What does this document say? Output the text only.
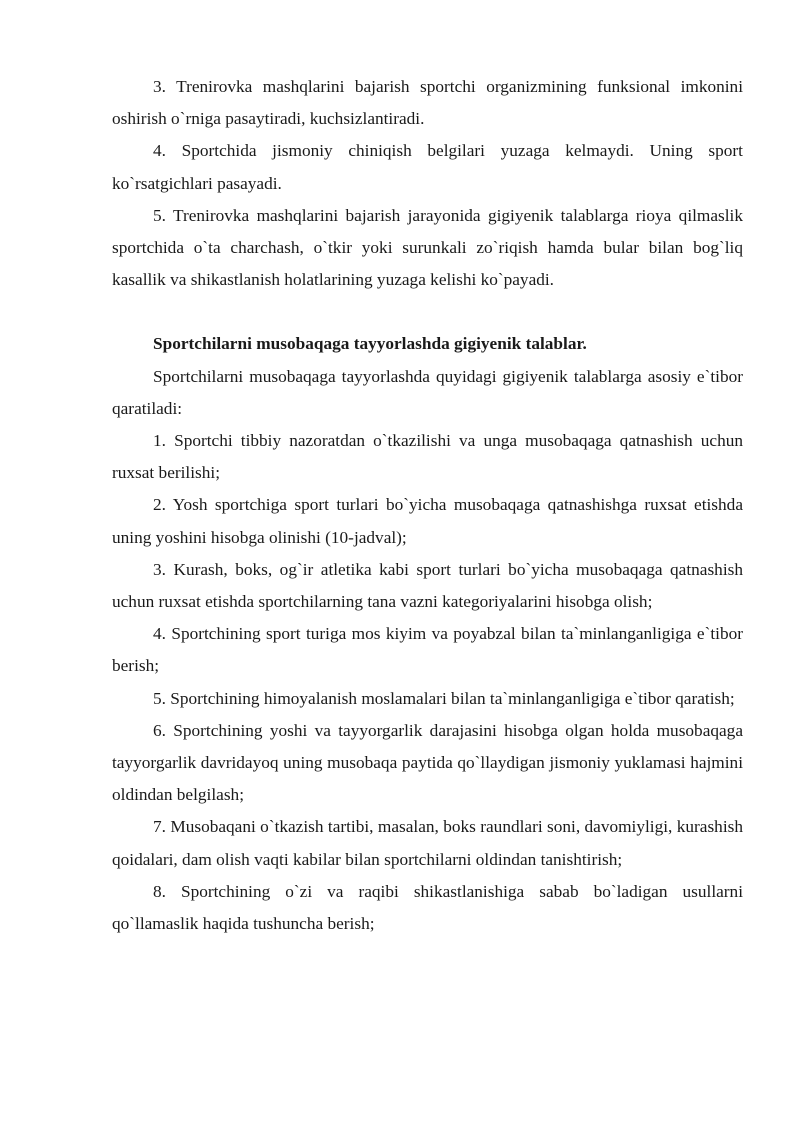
3. Trenirovka mashqlarini bajarish sportchi organizmining funksional imkonini oshirish o`rniga pasaytiradi, kuchsizlantiradi.

4. Sportchida jismoniy chiniqish belgilari yuzaga kelmaydi. Uning sport ko`rsatgichlari pasayadi.

5. Trenirovka mashqlarini bajarish jarayonida gigiyenik talablarga rioya qilmaslik sportchida o`ta charchash, o`tkir yoki surunkali zo`riqish hamda bular bilan bog`liq kasallik va shikastlanish holatlarining yuzaga kelishi ko`payadi.

Sportchilarni musobaqaga tayyorlashda gigiyenik talablar.

Sportchilarni musobaqaga tayyorlashda quyidagi gigiyenik talablarga asosiy e`tibor qaratiladi:

1. Sportchi tibbiy nazoratdan o`tkazilishi va unga musobaqaga qatnashish uchun ruxsat berilishi;

2. Yosh sportchiga sport turlari bo`yicha musobaqaga qatnashishga ruxsat etishda uning yoshini hisobga olinishi (10-jadval);

3. Kurash, boks, og`ir atletika kabi sport turlari bo`yicha musobaqaga qatnashish uchun ruxsat etishda sportchilarning tana vazni kategoriyalarini hisobga olish;

4. Sportchining sport turiga mos kiyim va poyabzal bilan ta`minlanganligiga e`tibor berish;

5. Sportchining himoyalanish moslamalari bilan ta`minlanganligiga e`tibor qaratish;

6. Sportchining yoshi va tayyorgarlik darajasini hisobga olgan holda musobaqaga tayyorgarlik davridayoq uning musobaqa paytida qo`llaydigan jismoniy yuklamasi hajmini oldindan belgilash;

7. Musobaqani o`tkazish tartibi, masalan, boks raundlari soni, davomiyligi, kurashish qoidalari, dam olish vaqti kabilar bilan sportchilarni oldindan tanishtirish;

8. Sportchining o`zi va raqibi shikastlanishiga sabab bo`ladigan usullarni qo`llamaslik haqida tushuncha berish;
